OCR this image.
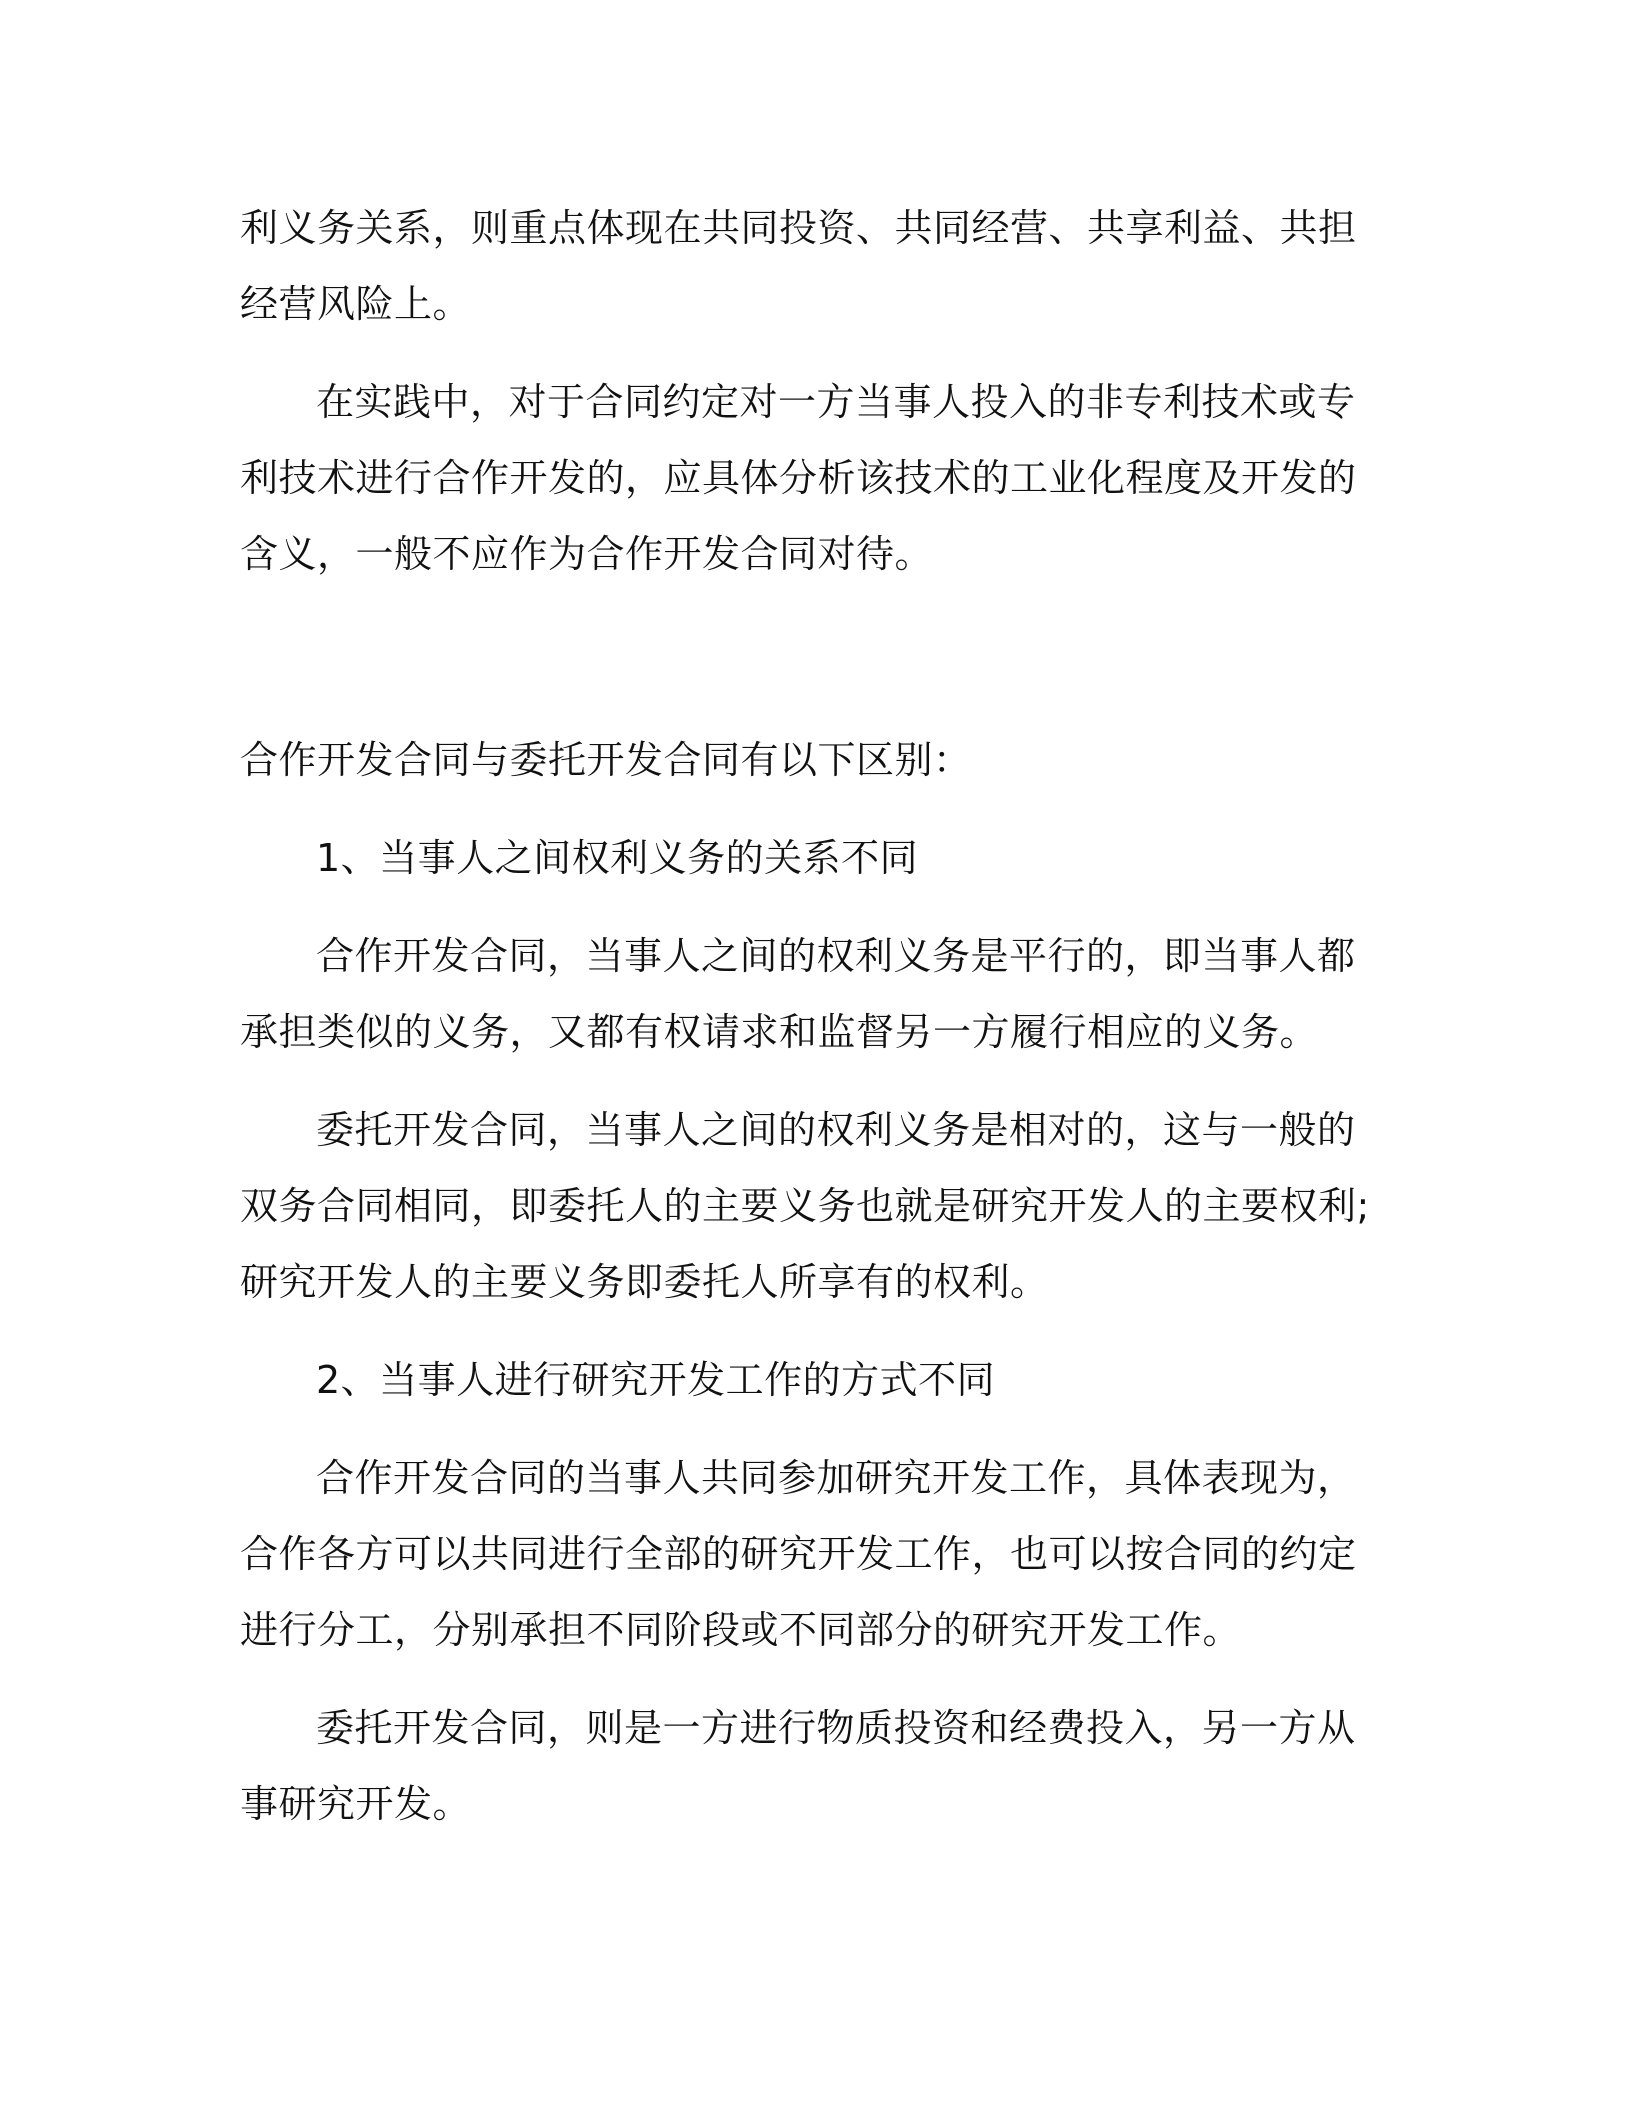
利义务关系，则重点体现在共同投资、共同经营、共享利益、共担经营风险上。

在实践中，对于合同约定对一方当事人投入的非专利技术或专利技术进行合作开发的，应具体分析该技术的工业化程度及开发的含义，一般不应作为合作开发合同对待。

合作开发合同与委托开发合同有以下区别：

1、当事人之间权利义务的关系不同

合作开发合同，当事人之间的权利义务是平行的，即当事人都承担类似的义务，又都有权请求和监督另一方履行相应的义务。

委托开发合同，当事人之间的权利义务是相对的，这与一般的双务合同相同，即委托人的主要义务也就是研究开发人的主要权利;研究开发人的主要义务即委托人所享有的权利。

2、当事人进行研究开发工作的方式不同

合作开发合同的当事人共同参加研究开发工作，具体表现为，合作各方可以共同进行全部的研究开发工作，也可以按合同的约定进行分工，分别承担不同阶段或不同部分的研究开发工作。

委托开发合同，则是一方进行物质投资和经费投入，另一方从事研究开发。
